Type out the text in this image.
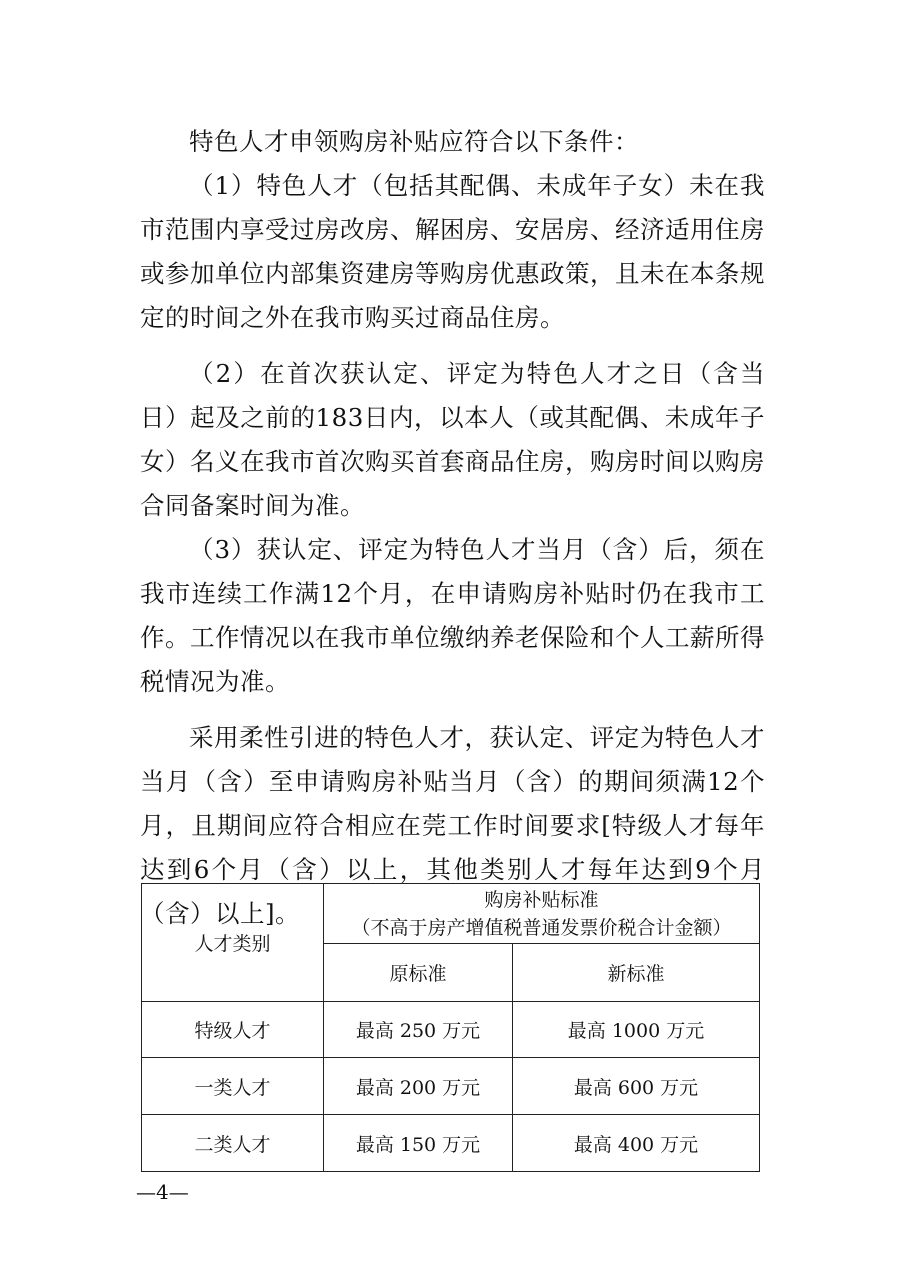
特色人才申领购房补贴应符合以下条件：

（1）特色人才（包括其配偶、未成年子女）未在我市范围内享受过房改房、解困房、安居房、经济适用住房或参加单位内部集资建房等购房优惠政策，且未在本条规定的时间之外在我市购买过商品住房。

（2）在首次获认定、评定为特色人才之日（含当日）起及之前的183日内，以本人（或其配偶、未成年子女）名义在我市首次购买首套商品住房，购房时间以购房合同备案时间为准。

（3）获认定、评定为特色人才当月（含）后，须在我市连续工作满12个月，在申请购房补贴时仍在我市工作。工作情况以在我市单位缴纳养老保险和个人工薪所得税情况为准。

采用柔性引进的特色人才，获认定、评定为特色人才当月（含）至申请购房补贴当月（含）的期间须满12个月，且期间应符合相应在莞工作时间要求[特级人才每年达到6个月（含）以上，其他类别人才每年达到9个月（含）以上]。

人才类别	购房补贴标准
（不高于房产增值税普通发票价税合计金额）	

	原标准	新标准
特级人才	最高 250 万元	最高 1000 万元
一类人才	最高 200 万元	最高 600 万元
二类人才	最高 150 万元	最高 400 万元
—4—
